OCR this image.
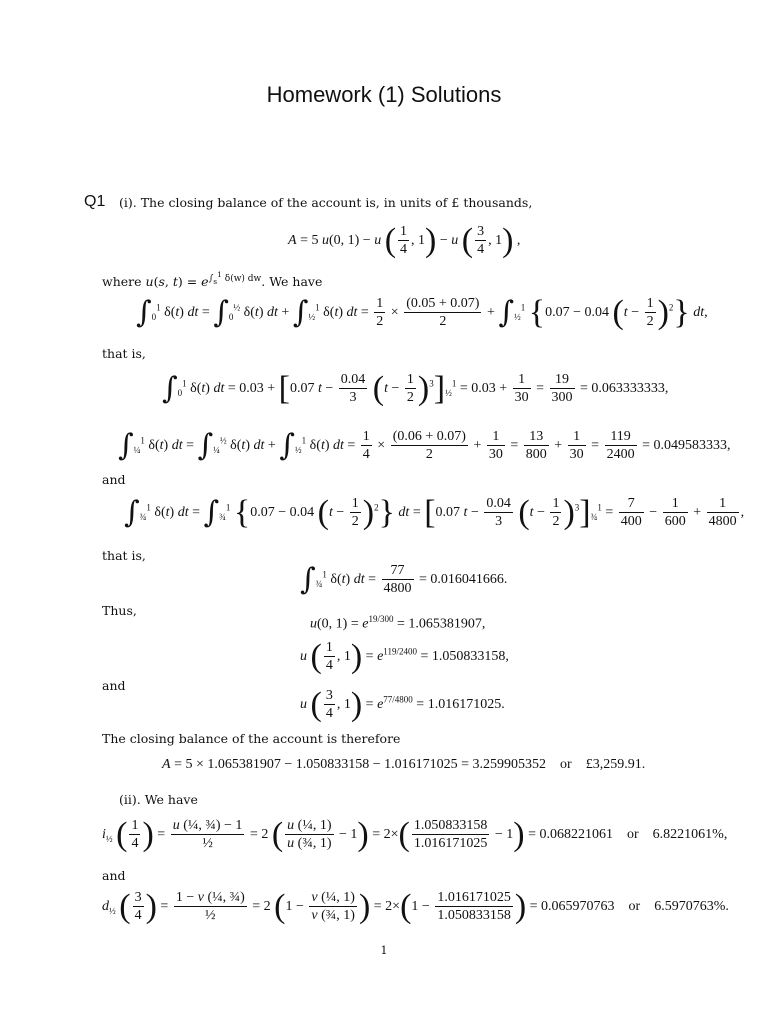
Homework (1) Solutions
Q1 (i). The closing balance of the account is, in units of £ thousands,
A = 5 u(0, 1) − u ( $\frac{1}{4}$ , 1) − u ( $\frac{3}{4}$ , 1) ,
where u(s, $t) = e^{\int_s^1 \delta(w) dw}$. We have
$\int_0^1$ δ(t) dt = $\int_0^{\frac{1}{2}}$ δ(t) dt + $\int_{\frac{1}{2}}^1$ δ(t) dt = $\frac{1}{2} \times \frac{(0.05 + 0.07)}{2} + \int_{\frac{1}{2}}^1$ {0.07 − 0.04 $(t - \frac{1}{2} )^2$} dt,
that is,
$\int_0^1$ δ(t) dt = 0.03 + [0.07 $t - \frac{0.04}{3} (t - \frac{1}{2} )^3]_{\frac{1}{2}}^1 = 0.03 + \frac{1}{30} = \frac{19}{300} = 0.063333333$,
$\int_{\frac{1}{4}}^1$ δ(t) dt = $\int_{\frac{1}{4}}^{\frac{1}{2}}$ δ(t) dt + $\int_{\frac{1}{2}}^1$ δ(t) dt = $\frac{1}{4} \times \frac{(0.06 + 0.07)}{2} + \frac{1}{30} = \frac{13}{800} + \frac{1}{30} = \frac{119}{2400} = 0.049583333$,
and
$\int_{\frac{3}{4}}^1$ δ(t) dt = $\int_{\frac{3}{4}}^1$ {0.07 − 0.04 $(t - \frac{1}{2} )^2$} dt = [0.07 $t - \frac{0.04}{3} (t - \frac{1}{2} )^3]_{\frac{3}{4}}^1 = \frac{7}{400} - \frac{1}{600} + \frac{1}{4800}$ ,
that is,
$\int_{\frac{3}{4}}^1$ δ(t) dt = $\frac{77}{4800} = 0.016041666$.
Thus,
u(0, $1) = e^{19/300} = 1.065381907$,
u ( $\frac{1}{4}$ , $1) = e^{119/2400} = 1.050833158$,
and
u ( $\frac{3}{4}$ , $1) = e^{77/4800} = 1.016171025$.
The closing balance of the account is therefore
A = 5 × 1.065381907 − 1.050833158 − 1.016171025 = 3.259905352    or    £3,259.91.
(ii). We have
$i_{\frac{1}{2}}$ ( $\frac{1}{4}$ ) = $\frac{\text{u (¼, ¾) − 1}}{\text{½}} = 2$ ( $\frac{\text{u (¼, 1)}}{\text{u (¾, 1)}} - 1) = 2\times( \frac{1.050833158}{1.016171025} - 1) = 0.068221061$    or    6.8221061%,
and
$d_{\frac{1}{2}}$ ( $\frac{3}{4}$ ) = $\frac{\text{1 − v (¼, ¾)}}{\text{½}} = 2$ ($1 - \frac{\text{v (¼, 1)}}{\text{v (¾, 1)}}$ ) = $2\times(1 - \frac{1.016171025}{1.050833158}$ ) = 0.065970763    or    6.5970763%.
1
